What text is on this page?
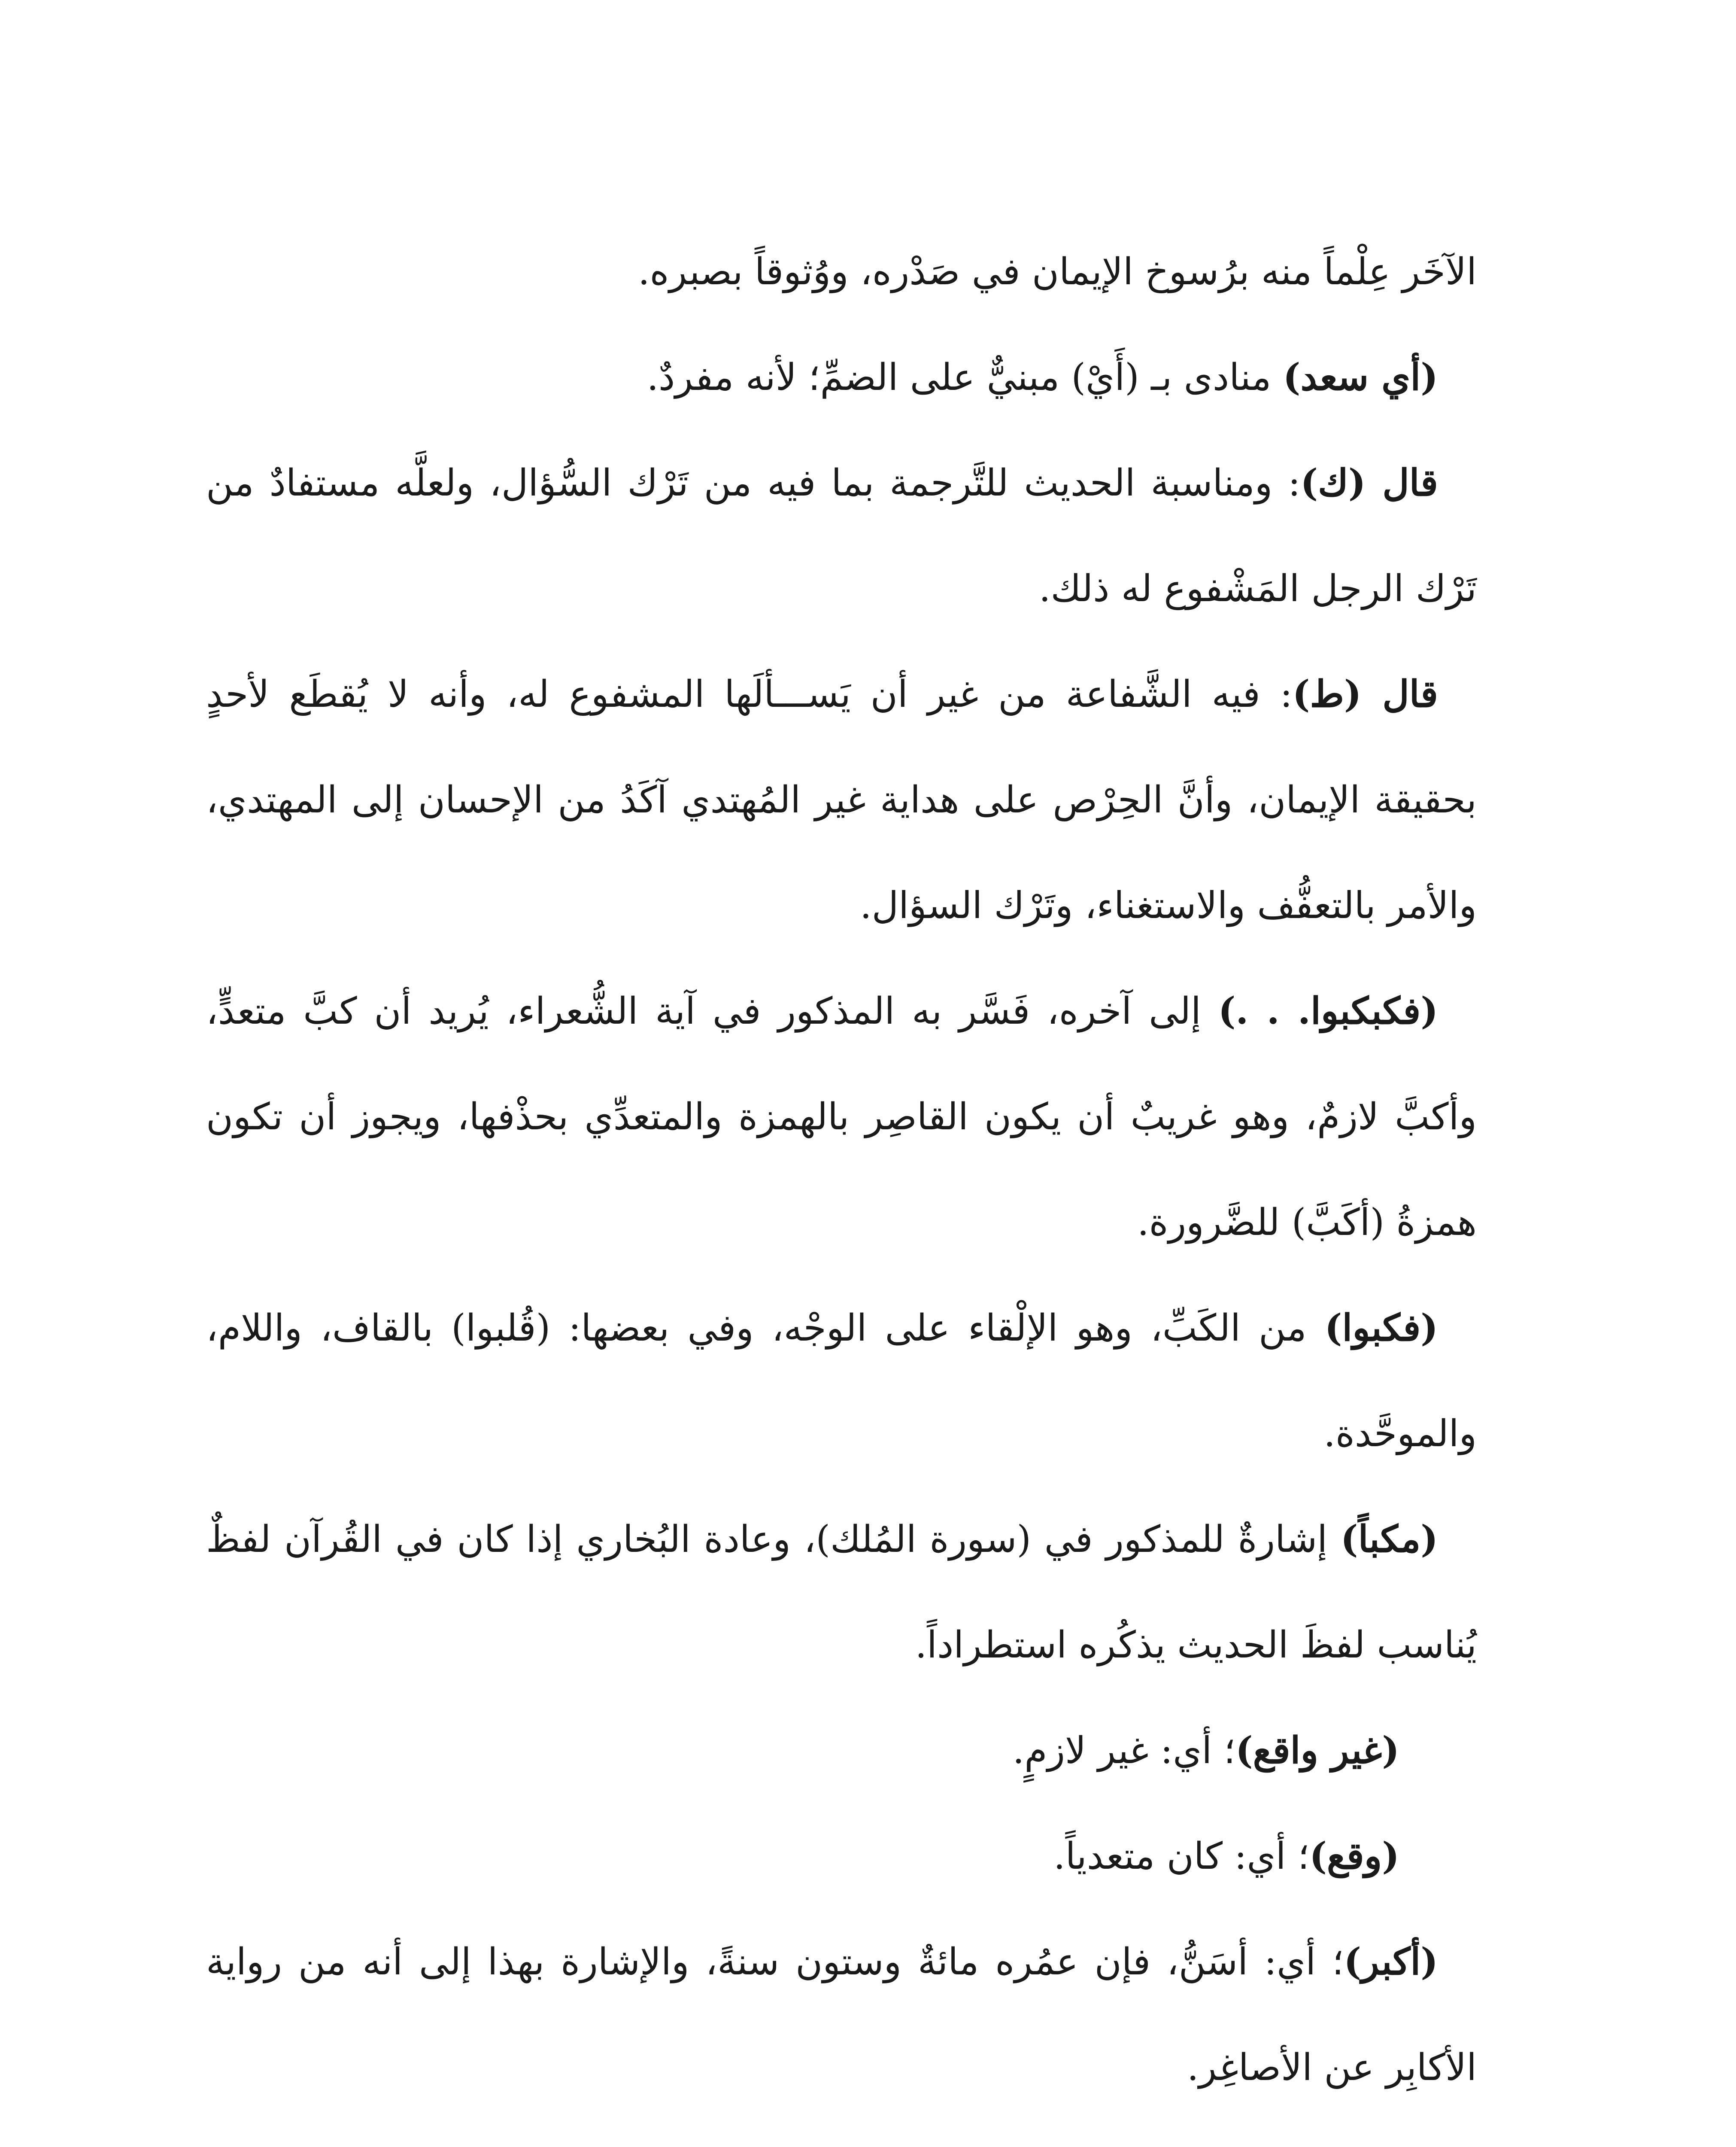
الآخَر عِلْماً منه برُسوخ الإيمان في صَدْره، ووُثوقاً بصبره.

(أي سعد) منادى بـ (أَيْ) مبنيٌّ على الضمِّ؛ لأنه مفردٌ.

قال (ك): ومناسبة الحديث للتَّرجمة بما فيه من تَرْك السُّؤال، ولعلَّه مستفادٌ من تَرْك الرجل المَشْفوع له ذلك.

قال (ط): فيه الشَّفاعة من غير أن يَســـألَها المشفوع له، وأنه لا يُقطَع لأحدٍ بحقيقة الإيمان، وأنَّ الحِرْص على هداية غير المُهتدي آكَدُ من الإحسان إلى المهتدي، والأمر بالتعفُّف والاستغناء، وتَرْك السؤال.

(فكبكبوا. . .) إلى آخره، فَسَّر به المذكور في آية الشُّعراء، يُريد أن كبَّ متعدٍّ، وأكبَّ لازمٌ، وهو غريبٌ أن يكون القاصِر بالهمزة والمتعدِّي بحذْفها، ويجوز أن تكون همزةُ (أكَبَّ) للضَّرورة.

(فكبوا) من الكَبِّ، وهو الإلْقاء على الوجْه، وفي بعضها: (قُلبوا) بالقاف، واللام، والموحَّدة.

(مكباً) إشارةٌ للمذكور في (سورة المُلك)، وعادة البُخاري إذا كان في القُرآن لفظٌ يُناسب لفظَ الحديث يذكُره استطراداً.

(غير واقع)؛ أي: غير لازمٍ.

(وقع)؛ أي: كان متعدياً.

(أكبر)؛ أي: أسَنُّ، فإن عمُره مائةٌ وستون سنةً، والإشارة بهذا إلى أنه من رواية الأكابِر عن الأصاغِر.
